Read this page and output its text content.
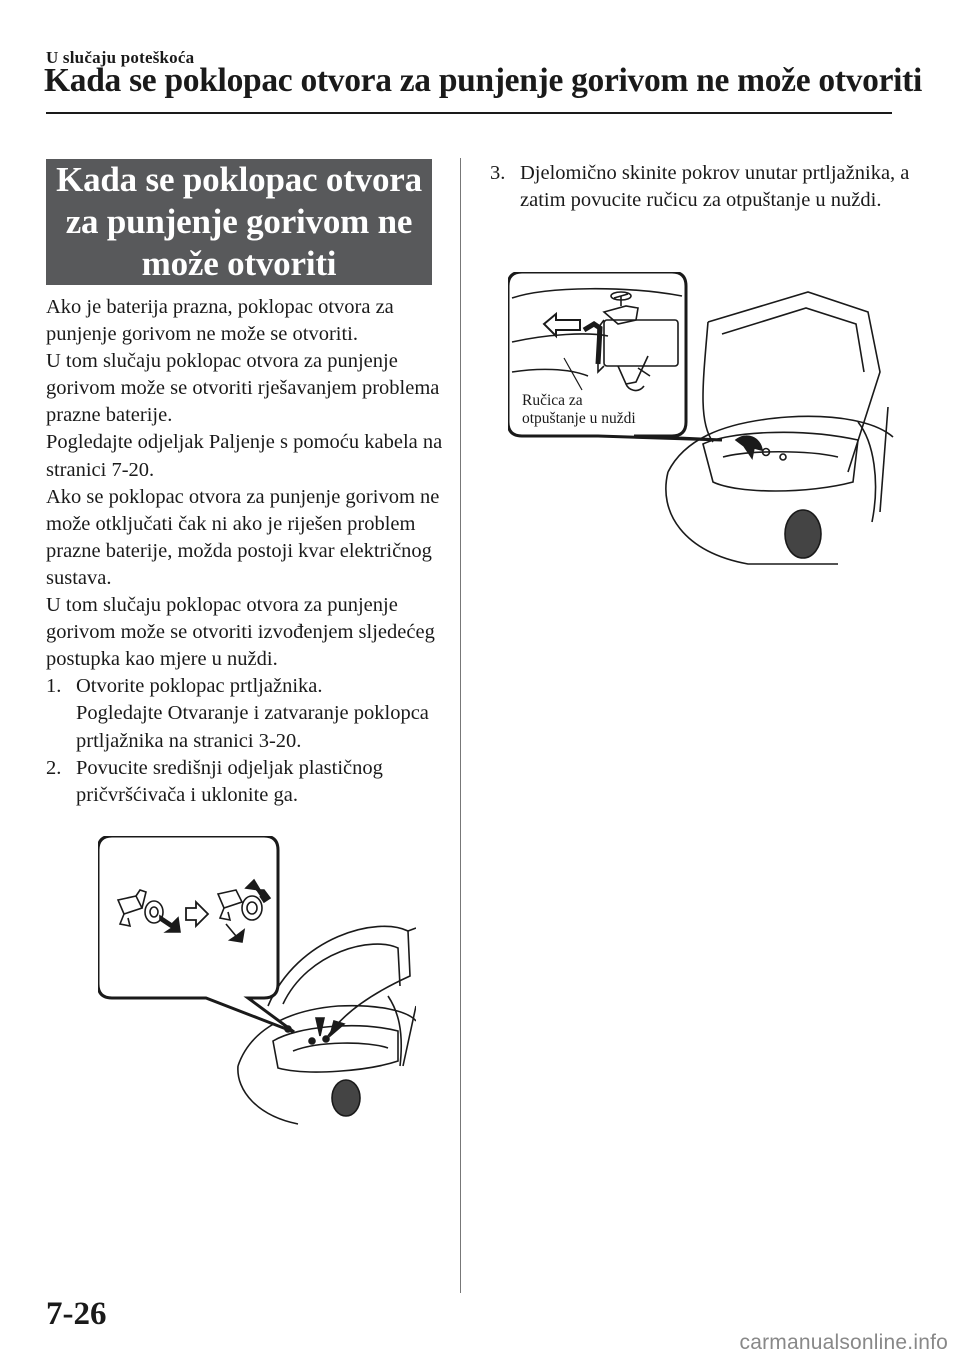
U slučaju poteškoća
Kada se poklopac otvora za punjenje gorivom ne može otvoriti
Kada se poklopac otvora za punjenje gorivom ne može otvoriti

Ako je baterija prazna, poklopac otvora za punjenje gorivom ne može se otvoriti.

U tom slučaju poklopac otvora za punjenje gorivom može se otvoriti rješavanjem problema prazne baterije.

Pogledajte odjeljak Paljenje s pomoću kabela na stranici 7-20.

Ako se poklopac otvora za punjenje gorivom ne može otključati čak ni ako je riješen problem prazne baterije, možda postoji kvar električnog sustava.

U tom slučaju poklopac otvora za punjenje gorivom može se otvoriti izvođenjem sljedećeg postupka kao mjere u nuždi.

1. Otvorite poklopac prtljažnika.
Pogledajte Otvaranje i zatvaranje poklopca prtljažnika na stranici 3-20.
2. Povucite središnji odjeljak plastičnog pričvršćivača i uklonite ga.
3. Djelomično skinite pokrov unutar prtljažnika, a zatim povucite ručicu za otpuštanje u nuždi.
Ručica za
otpuštanje u nuždi
7-26
carmanualsonline.info
